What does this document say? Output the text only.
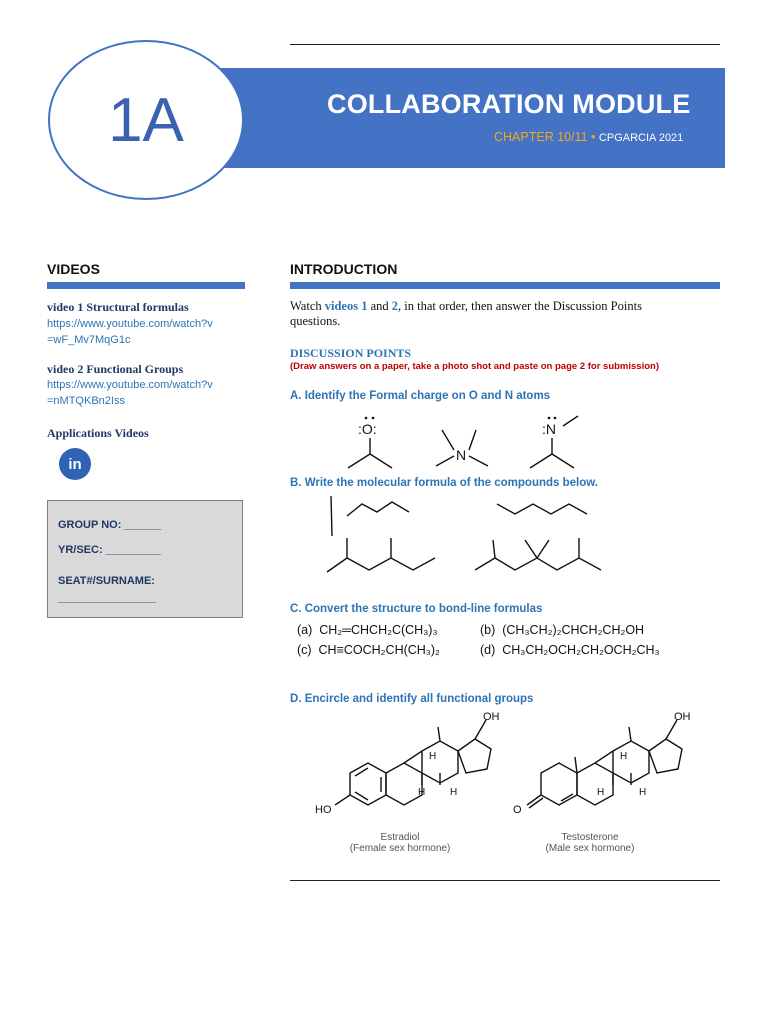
1A	COLLABORATION MODULE
CHAPTER 10/11 • CPGARCIA 2021
VIDEOS
video 1 Structural formulas
https://www.youtube.com/watch?v
=wF_Mv7MqG1c
video 2 Functional Groups
https://www.youtube.com/watch?v
=nMTQKBn2Iss
Applications Videos
in
GROUP NO: ______
YR/SEC: _________
SEAT#/SURNAME:
________________
INTRODUCTION
Watch videos 1 and 2, in that order, then answer the Discussion Points
questions.
DISCUSSION POINTS
(Draw answers on a paper, take a photo shot and paste on page 2 for submission)
A. Identify the Formal charge on O and N atoms
:O:
N
:N
B. Write the molecular formula of the compounds below.
C. Convert the structure to bond-line formulas
(a) CH₂═CHCH₂C(CH₃)₃	(b) (CH₃CH₂)₂CHCH₂CH₂OH
(c) CH≡COCH₂CH(CH₃)₂	(d) CH₃CH₂OCH₂CH₂OCH₂CH₃
D. Encircle and identify all functional groups
OH
HO
H
H H
OH
O
H
H	H
Estradiol
(Female sex hormone)
Testosterone
(Male sex hormone)
